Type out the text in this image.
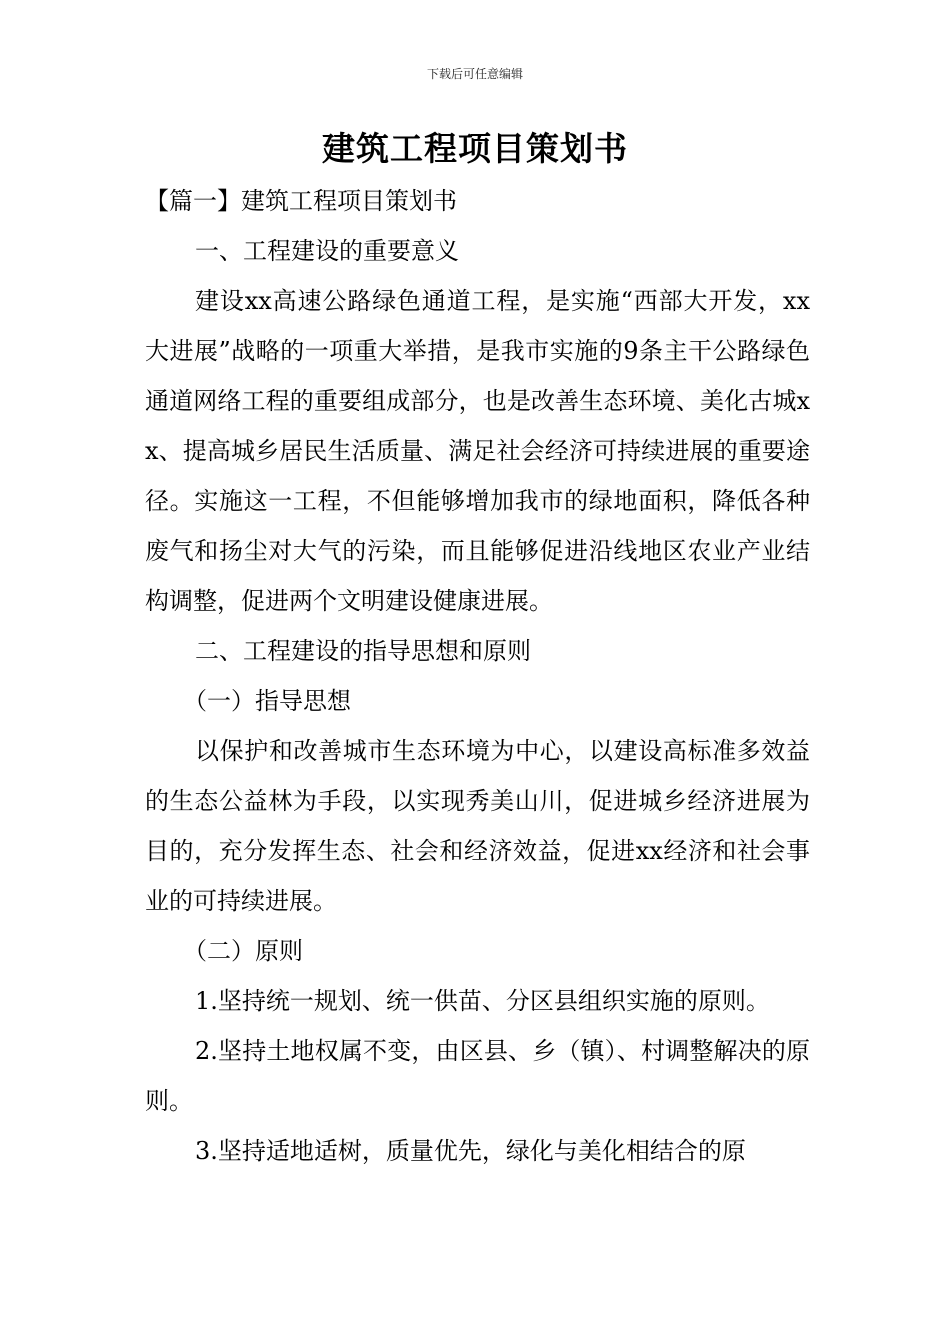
下载后可任意编辑
建筑工程项目策划书

【篇一】建筑工程项目策划书

一、工程建设的重要意义

建设xx高速公路绿色通道工程，是实施“西部大开发，xx大进展”战略的一项重大举措，是我市实施的9条主干公路绿色通道网络工程的重要组成部分，也是改善生态环境、美化古城xx、提高城乡居民生活质量、满足社会经济可持续进展的重要途径。实施这一工程，不但能够增加我市的绿地面积，降低各种废气和扬尘对大气的污染，而且能够促进沿线地区农业产业结构调整，促进两个文明建设健康进展。

二、工程建设的指导思想和原则

（一）指导思想

以保护和改善城市生态环境为中心，以建设高标准多效益的生态公益林为手段，以实现秀美山川，促进城乡经济进展为目的，充分发挥生态、社会和经济效益，促进xx经济和社会事业的可持续进展。

（二）原则

1.坚持统一规划、统一供苗、分区县组织实施的原则。

2.坚持土地权属不变，由区县、乡（镇）、村调整解决的原则。

3.坚持适地适树，质量优先，绿化与美化相结合的原
